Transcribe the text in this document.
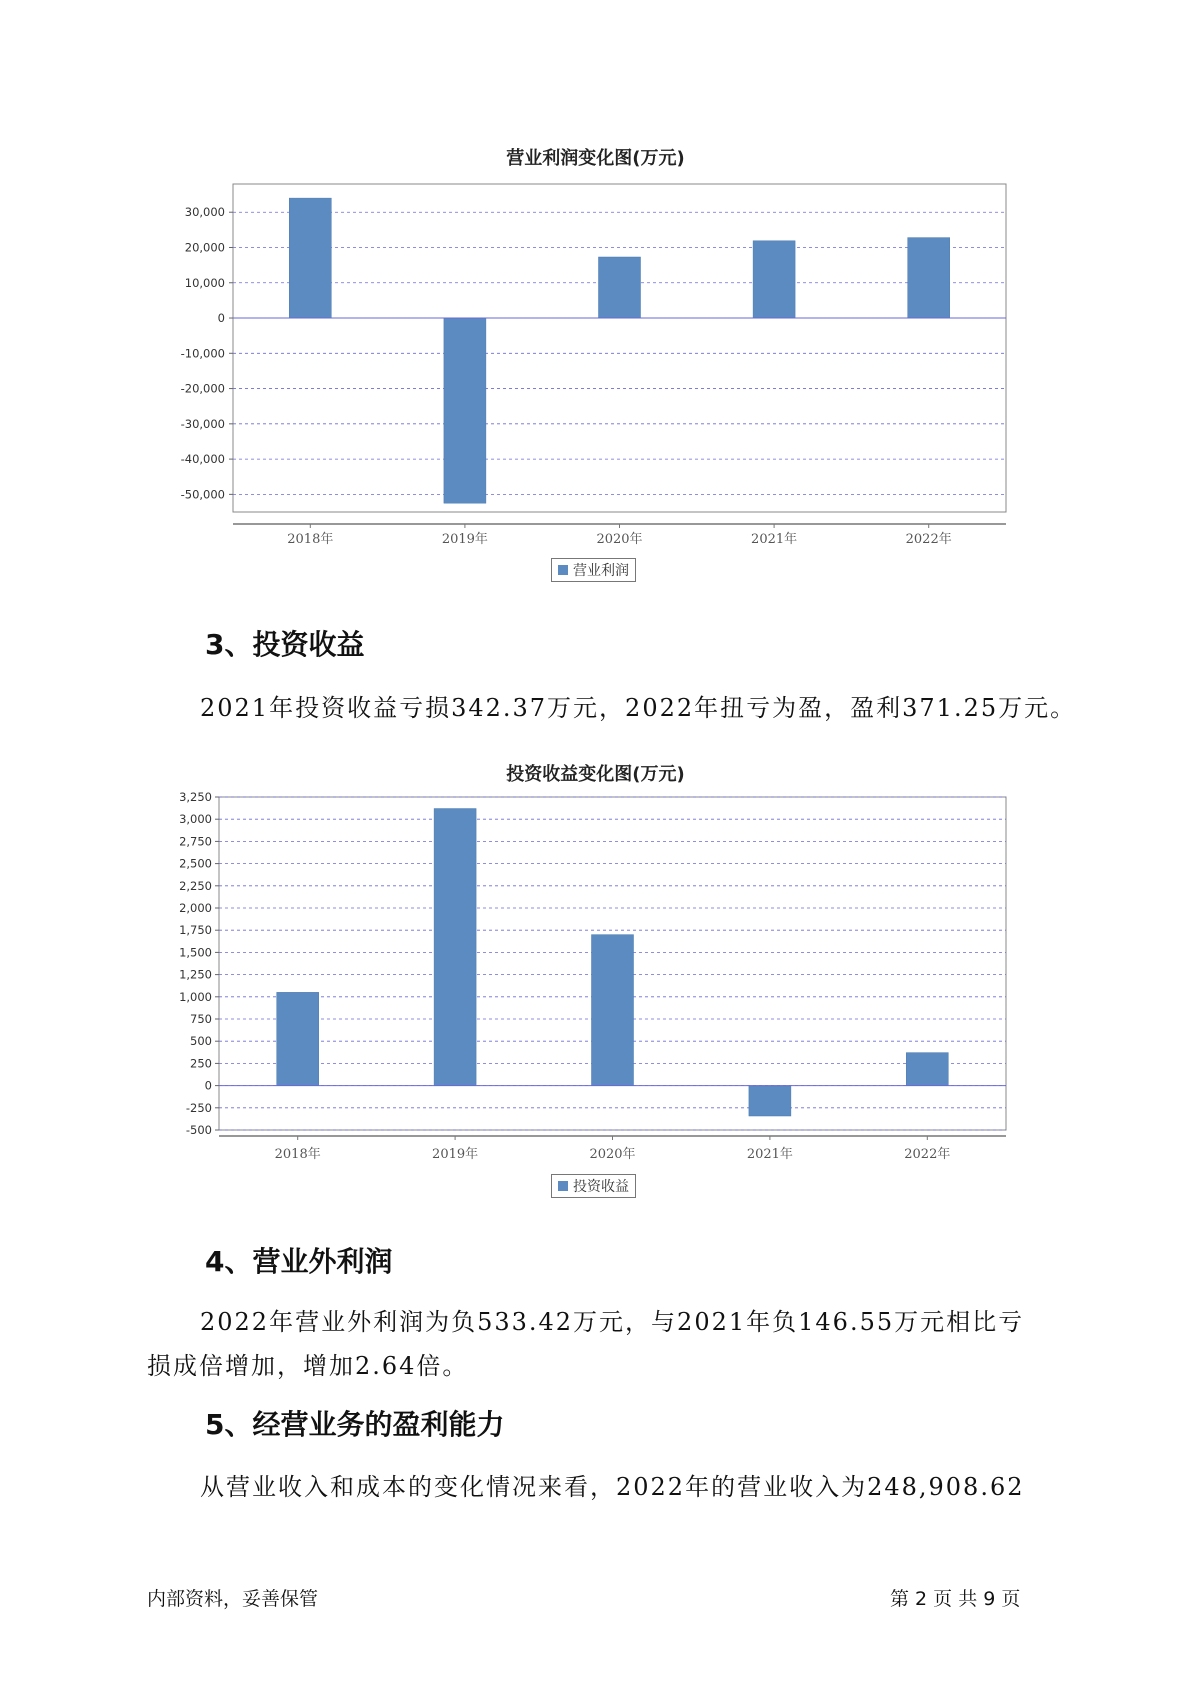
营业利润变化图(万元)
-50,000
-40,000
-30,000
-20,000
-10,000
0
10,000
20,000
30,000
2018年	2019年	2020年	2021年	2022年
营业利润
3、投资收益

2021年投资收益亏损342.37万元，2022年扭亏为盈，盈利371.25万元。

投资收益变化图(万元)
-500
-250
0
250
500
750
1,000
1,250
1,500
1,750
2,000
2,250
2,500
2,750
3,000
3,250
2018年	2019年	2020年	2021年	2022年
投资收益
4、营业外利润

2022年营业外利润为负533.42万元，与2021年负146.55万元相比亏损成倍增加，增加2.64倍。

5、经营业务的盈利能力

从营业收入和成本的变化情况来看，2022年的营业收入为248,908.62

内部资料，妥善保管	第 2 页 共 9 页
